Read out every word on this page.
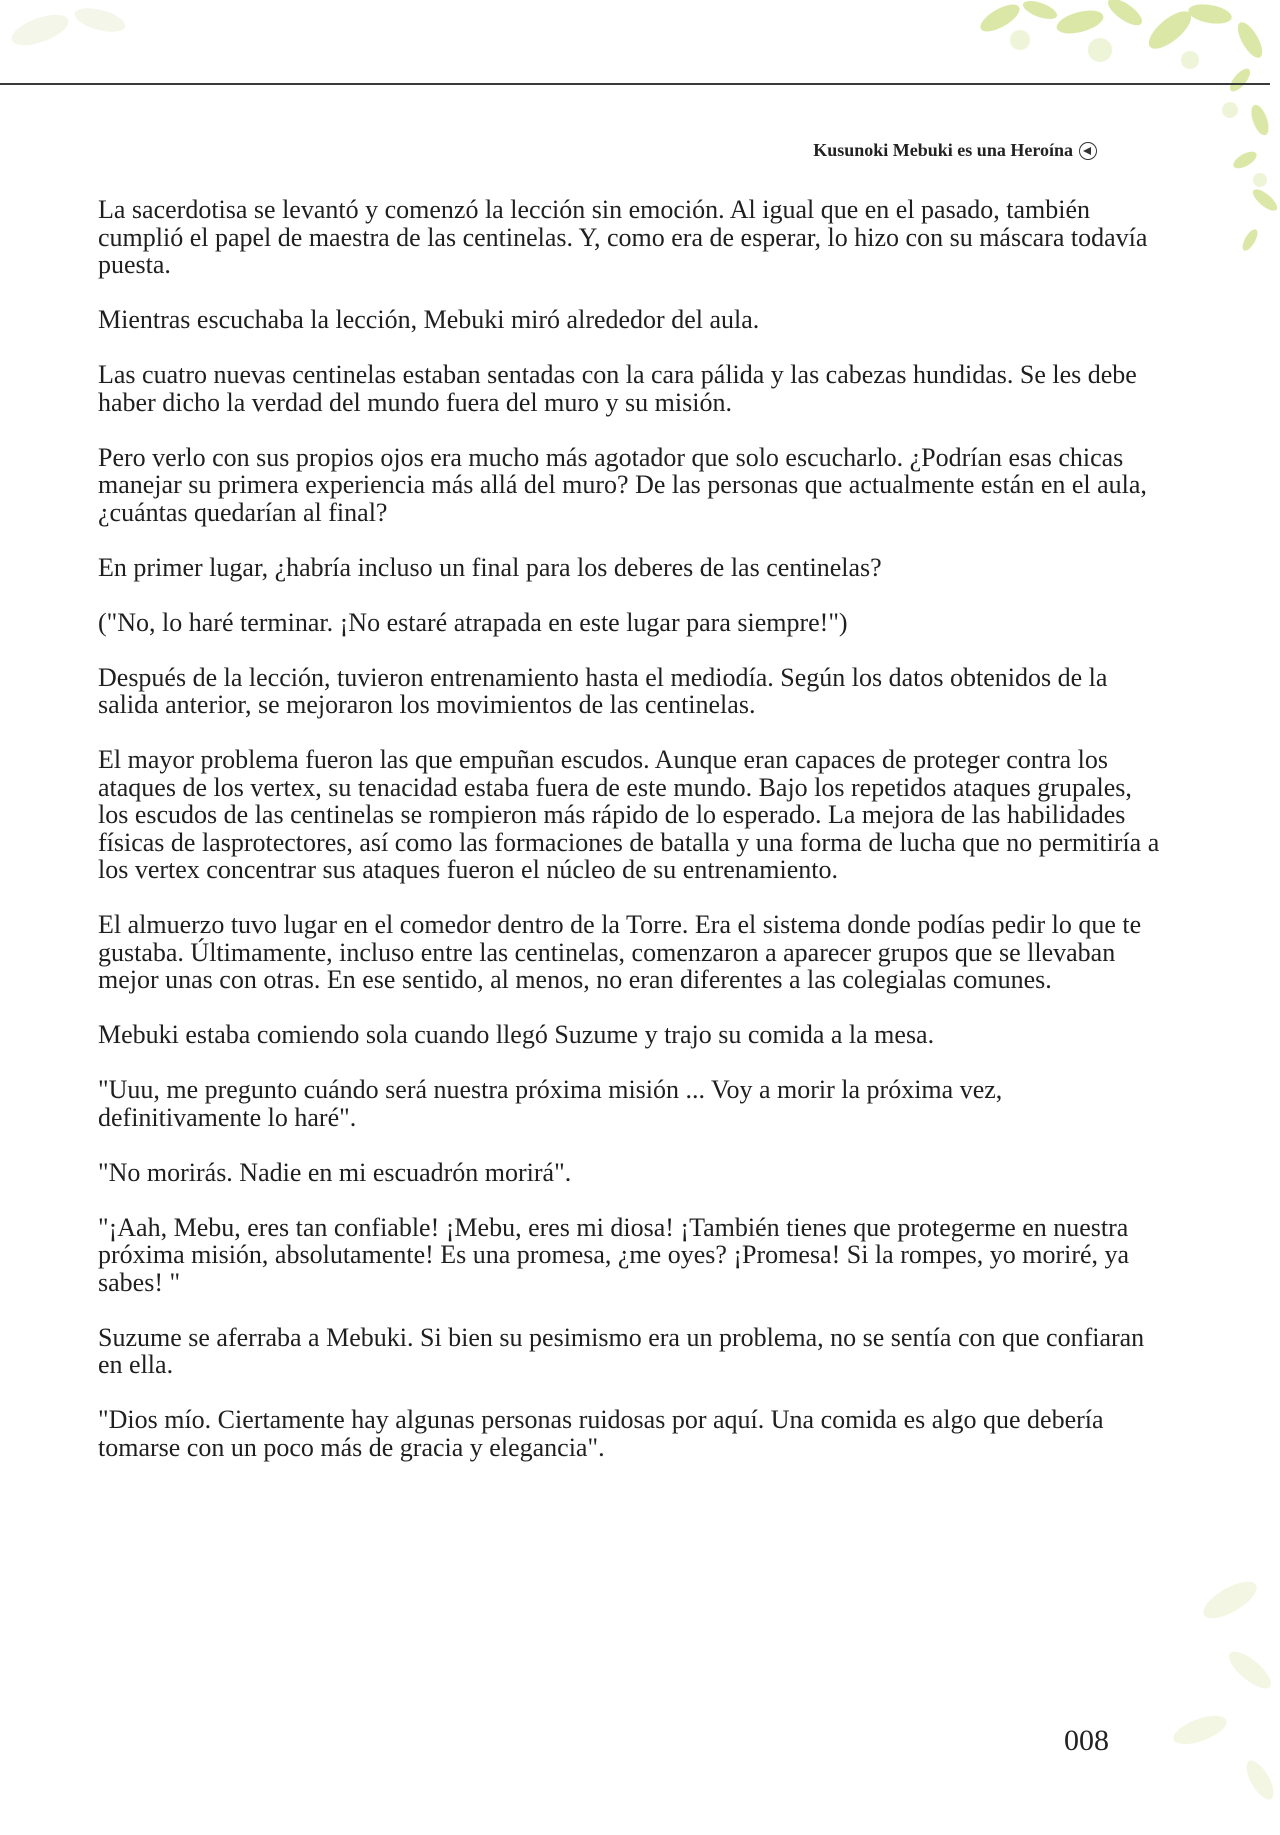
Kusunoki Mebuki es una Heroína

La sacerdotisa se levantó y comenzó la lección sin emoción. Al igual que en el pasado, también cumplió el papel de maestra de las centinelas. Y, como era de esperar, lo hizo con su máscara todavía puesta.

Mientras escuchaba la lección, Mebuki miró alrededor del aula.

Las cuatro nuevas centinelas estaban sentadas con la cara pálida y las cabezas hundidas. Se les debe haber dicho la verdad del mundo fuera del muro y su misión.

Pero verlo con sus propios ojos era mucho más agotador que solo escucharlo. ¿Podrían esas chicas manejar su primera experiencia más allá del muro? De las personas que actualmente están en el aula, ¿cuántas quedarían al final?

En primer lugar, ¿habría incluso un final para los deberes de las centinelas?

("No, lo haré terminar. ¡No estaré atrapada en este lugar para siempre!")

Después de la lección, tuvieron entrenamiento hasta el mediodía. Según los datos obtenidos de la salida anterior, se mejoraron los movimientos de las centinelas.

El mayor problema fueron las que empuñan escudos. Aunque eran capaces de proteger contra los ataques de los vertex, su tenacidad estaba fuera de este mundo. Bajo los repetidos ataques grupales, los escudos de las centinelas se rompieron más rápido de lo esperado. La mejora de las habilidades físicas de lasprotectores, así como las formaciones de batalla y una forma de lucha que no permitiría a los vertex concentrar sus ataques fueron el núcleo de su entrenamiento.

El almuerzo tuvo lugar en el comedor dentro de la Torre. Era el sistema donde podías pedir lo que te gustaba. Últimamente, incluso entre las centinelas, comenzaron a aparecer grupos que se llevaban mejor unas con otras. En ese sentido, al menos, no eran diferentes a las colegialas comunes.

Mebuki estaba comiendo sola cuando llegó Suzume y trajo su comida a la mesa.

"Uuu, me pregunto cuándo será nuestra próxima misión ... Voy a morir la próxima vez, definitivamente lo haré".

"No morirás. Nadie en mi escuadrón morirá".

"¡Aah, Mebu, eres tan confiable! ¡Mebu, eres mi diosa! ¡También tienes que protegerme en nuestra próxima misión, absolutamente! Es una promesa, ¿me oyes? ¡Promesa! Si la rompes, yo moriré, ya sabes! "

Suzume se aferraba a Mebuki. Si bien su pesimismo era un problema, no se sentía con que confiaran en ella.

"Dios mío. Ciertamente hay algunas personas ruidosas por aquí. Una comida es algo que debería tomarse con un poco más de gracia y elegancia".

008
